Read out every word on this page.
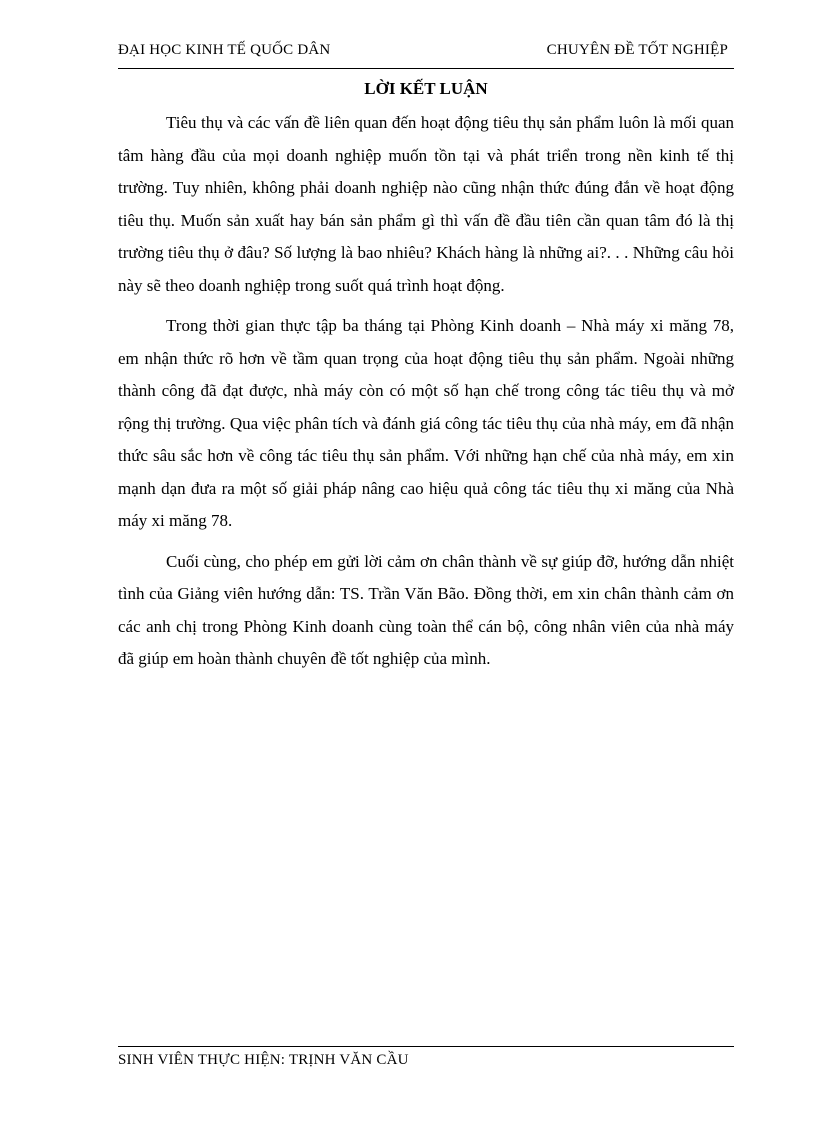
ĐẠI HỌC KINH TẾ QUỐC DÂN	CHUYÊN ĐỀ TỐT NGHIỆP
LỜI KẾT LUẬN

Tiêu thụ và các vấn đề liên quan đến hoạt động tiêu thụ sản phẩm luôn là mối quan tâm hàng đầu của mọi doanh nghiệp muốn tồn tại và phát triển trong nền kinh tế thị trường. Tuy nhiên, không phải doanh nghiệp nào cũng nhận thức đúng đắn về hoạt động tiêu thụ. Muốn sản xuất hay bán sản phẩm gì thì vấn đề đầu tiên cần quan tâm đó là thị trường tiêu thụ ở đâu? Số lượng là bao nhiêu? Khách hàng là những ai?. . . Những câu hỏi này sẽ theo doanh nghiệp trong suốt quá trình hoạt động.

Trong thời gian thực tập ba tháng tại Phòng Kinh doanh – Nhà máy xi măng 78, em nhận thức rõ hơn về tầm quan trọng của hoạt động tiêu thụ sản phẩm. Ngoài những thành công đã đạt được, nhà máy còn có một số hạn chế trong công tác tiêu thụ và mở rộng thị trường. Qua việc phân tích và đánh giá công tác tiêu thụ của nhà máy, em đã nhận thức sâu sắc hơn về công tác tiêu thụ sản phẩm. Với những hạn chế của nhà máy, em xin mạnh dạn đưa ra một số giải pháp nâng cao hiệu quả công tác tiêu thụ xi măng của Nhà máy xi măng 78.

Cuối cùng, cho phép em gửi lời cảm ơn chân thành về sự giúp đỡ, hướng dẫn nhiệt tình của Giảng viên hướng dẫn: TS. Trần Văn Bão. Đồng thời, em xin chân thành cảm ơn các anh chị trong Phòng Kinh doanh cùng toàn thể cán bộ, công nhân viên của nhà máy đã giúp em hoàn thành chuyên đề tốt nghiệp của mình.

SINH VIÊN THỰC HIỆN: TRỊNH VĂN CẦU
